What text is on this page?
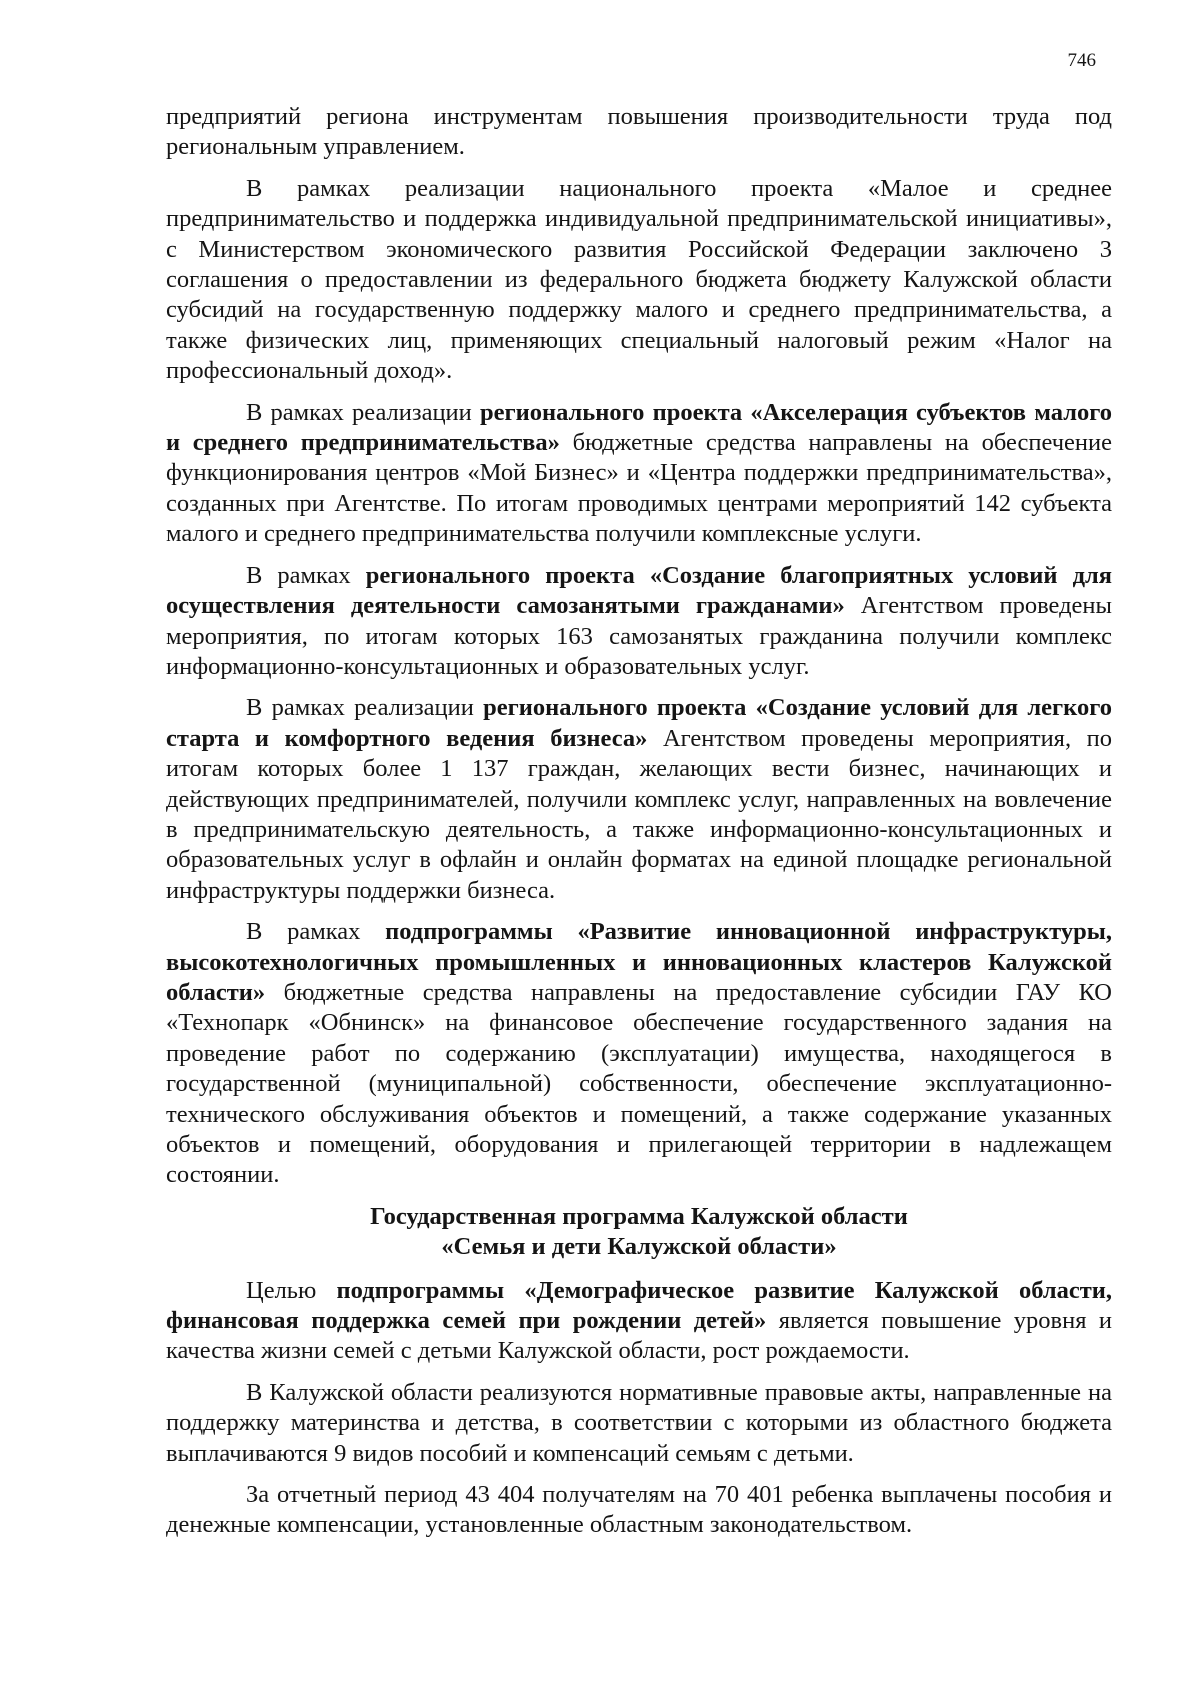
746

предприятий региона инструментам повышения производительности труда под региональным управлением.

В рамках реализации национального проекта «Малое и среднее предпринимательство и поддержка индивидуальной предпринимательской инициативы», с Министерством экономического развития Российской Федерации заключено 3 соглашения о предоставлении из федерального бюджета бюджету Калужской области субсидий на государственную поддержку малого и среднего предпринимательства, а также физических лиц, применяющих специальный налоговый режим «Налог на профессиональный доход».

В рамках реализации регионального проекта «Акселерация субъектов малого и среднего предпринимательства» бюджетные средства направлены на обеспечение функционирования центров «Мой Бизнес» и «Центра поддержки предпринимательства», созданных при Агентстве. По итогам проводимых центрами мероприятий 142 субъекта малого и среднего предпринимательства получили комплексные услуги.

В рамках регионального проекта «Создание благоприятных условий для осуществления деятельности самозанятыми гражданами» Агентством проведены мероприятия, по итогам которых 163 самозанятых гражданина получили комплекс информационно-консультационных и образовательных услуг.

В рамках реализации регионального проекта «Создание условий для легкого старта и комфортного ведения бизнеса» Агентством проведены мероприятия, по итогам которых более 1 137 граждан, желающих вести бизнес, начинающих и действующих предпринимателей, получили комплекс услуг, направленных на вовлечение в предпринимательскую деятельность, а также информационно-консультационных и образовательных услуг в офлайн и онлайн форматах на единой площадке региональной инфраструктуры поддержки бизнеса.

В рамках подпрограммы «Развитие инновационной инфраструктуры, высокотехнологичных промышленных и инновационных кластеров Калужской области» бюджетные средства направлены на предоставление субсидии ГАУ КО «Технопарк «Обнинск» на финансовое обеспечение государственного задания на проведение работ по содержанию (эксплуатации) имущества, находящегося в государственной (муниципальной) собственности, обеспечение эксплуатационно-технического обслуживания объектов и помещений, а также содержание указанных объектов и помещений, оборудования и прилегающей территории в надлежащем состоянии.

Государственная программа Калужской области
«Семья и дети Калужской области»

Целью подпрограммы «Демографическое развитие Калужской области, финансовая поддержка семей при рождении детей» является повышение уровня и качества жизни семей с детьми Калужской области, рост рождаемости.

В Калужской области реализуются нормативные правовые акты, направленные на поддержку материнства и детства, в соответствии с которыми из областного бюджета выплачиваются 9 видов пособий и компенсаций семьям с детьми.

За отчетный период 43 404 получателям на 70 401 ребенка выплачены пособия и денежные компенсации, установленные областным законодательством.
